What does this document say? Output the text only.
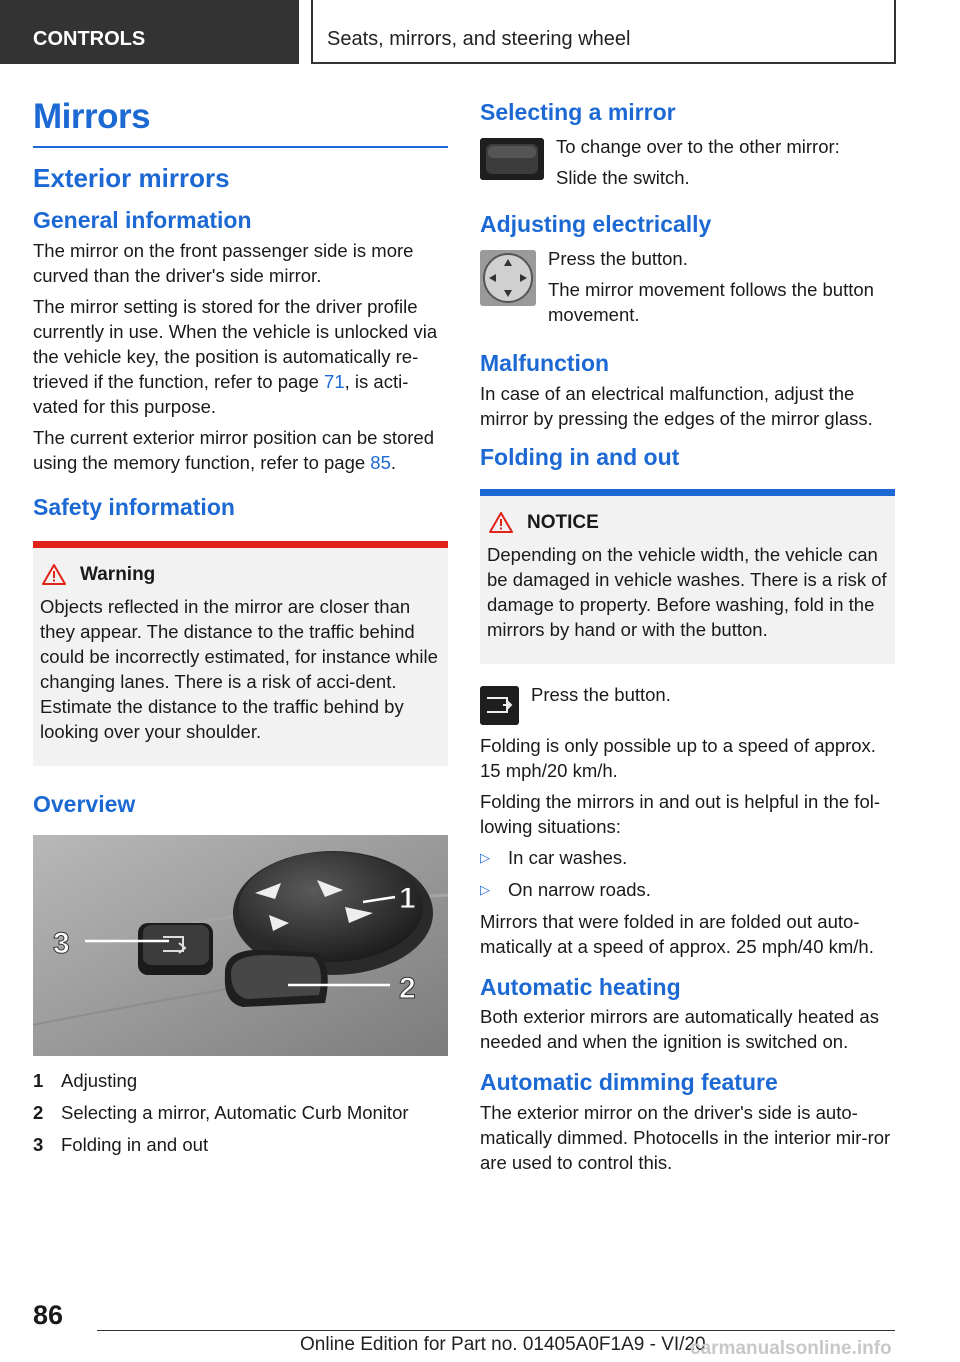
CONTROLS	Seats, mirrors, and steering wheel
Mirrors
Exterior mirrors
General information

The mirror on the front passenger side is more curved than the driver's side mirror.

The mirror setting is stored for the driver profile currently in use. When the vehicle is unlocked via the vehicle key, the position is automatically re‐trieved if the function, refer to page 71, is acti‐vated for this purpose.

The current exterior mirror position can be stored using the memory function, refer to page 85.

Safety information
Warning

Objects reflected in the mirror are closer than they appear. The distance to the traffic behind could be incorrectly estimated, for instance while changing lanes. There is a risk of acci‐dent. Estimate the distance to the traffic behind by looking over your shoulder.

Overview
1
2
3
1 Adjusting
2 Selecting a mirror, Automatic Curb Monitor
3 Folding in and out
Selecting a mirror

To change over to the other mirror:

Slide the switch.

Adjusting electrically

Press the button.

The mirror movement follows the button movement.

Malfunction

In case of an electrical malfunction, adjust the mirror by pressing the edges of the mirror glass.

Folding in and out
NOTICE

Depending on the vehicle width, the vehicle can be damaged in vehicle washes. There is a risk of damage to property. Before washing, fold in the mirrors by hand or with the button.

Press the button.

Folding is only possible up to a speed of approx. 15 mph/20 km/h.

Folding the mirrors in and out is helpful in the fol‐lowing situations:

▷ In car washes.
▷ On narrow roads.

Mirrors that were folded in are folded out auto‐matically at a speed of approx. 25 mph/40 km/h.

Automatic heating

Both exterior mirrors are automatically heated as needed and when the ignition is switched on.

Automatic dimming feature

The exterior mirror on the driver's side is auto‐matically dimmed. Photocells in the interior mir‐ror are used to control this.

86
Online Edition for Part no. 01405A0F1A9 - VI/20
carmanualsonline.info
